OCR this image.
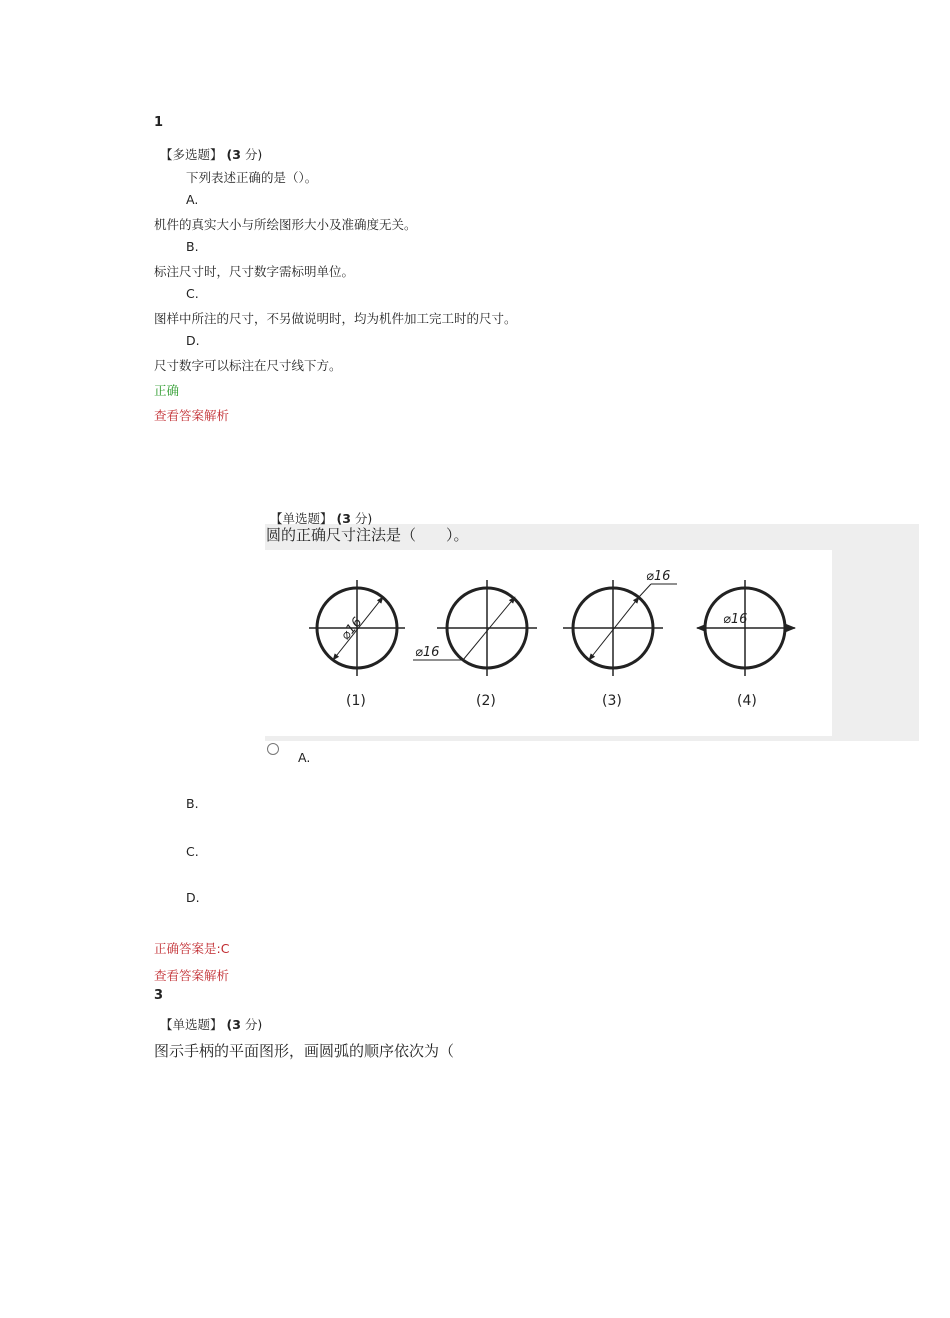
1
【多选题】 (3 分)
下列表述正确的是（）。
A.
机件的真实大小与所绘图形大小及准确度无关。
B.
标注尺寸时，尺寸数字需标明单位。
C.
图样中所注的尺寸，不另做说明时，均为机件加工完工时的尺寸。
D.
尺寸数字可以标注在尺寸线下方。
正确
查看答案解析
【单选题】 (3 分)
圆的正确尺寸注法是（　　）。
⌀16
⌀16
⌀16
⌀16
(1)	(2)	(3)	(4)
A.
B.
C.
D.
正确答案是:C
查看答案解析
3
【单选题】 (3 分)
图示手柄的平面图形，画圆弧的顺序依次为（
